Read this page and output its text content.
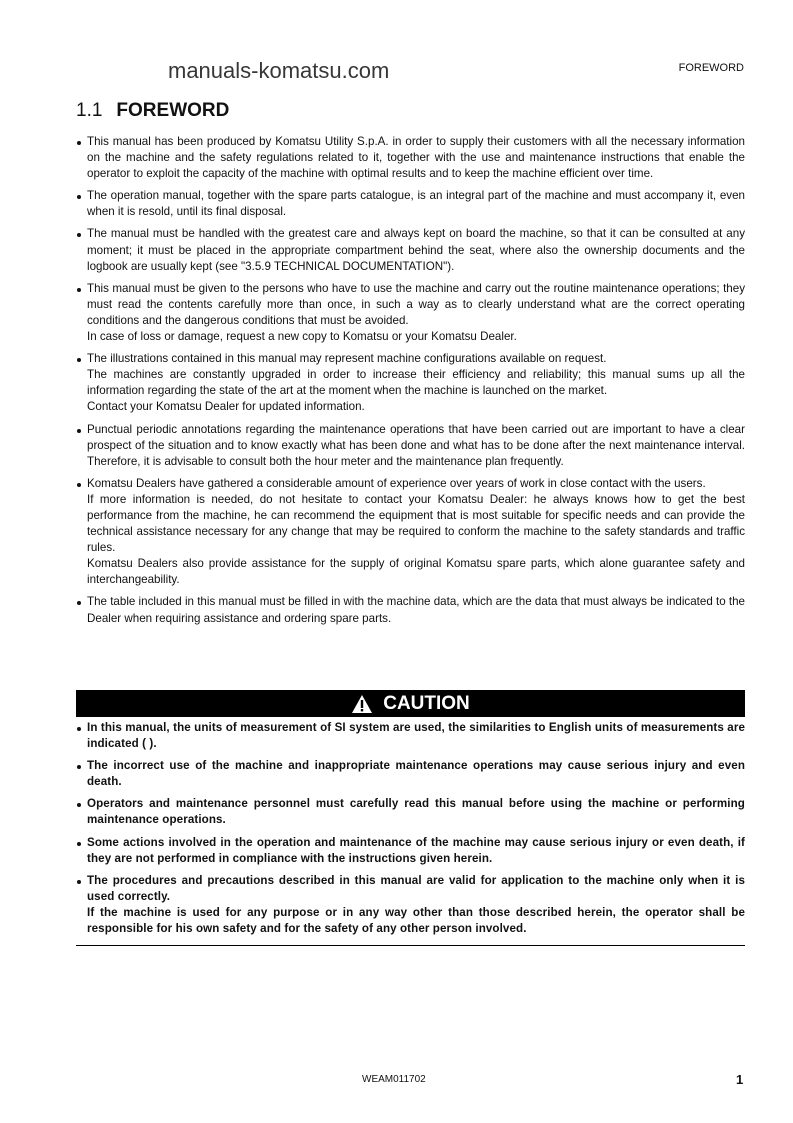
FOREWORD
manuals-komatsu.com
1.1 FOREWORD

This manual has been produced by Komatsu Utility S.p.A. in order to supply their customers with all the necessary information on the machine and the safety regulations related to it, together with the use and maintenance instructions that enable the operator to exploit the capacity of the machine with optimal results and to keep the machine efficient over time.

The operation manual, together with the spare parts catalogue, is an integral part of the machine and must accompany it, even when it is resold, until its final disposal.

The manual must be handled with the greatest care and always kept on board the machine, so that it can be consulted at any moment; it must be placed in the appropriate compartment behind the seat, where also the ownership documents and the logbook are usually kept (see "3.5.9 TECHNICAL DOCUMENTATION").

This manual must be given to the persons who have to use the machine and carry out the routine maintenance operations; they must read the contents carefully more than once, in such a way as to clearly understand what are the correct operating conditions and the dangerous conditions that must be avoided.

In case of loss or damage, request a new copy to Komatsu or your Komatsu Dealer.

The illustrations contained in this manual may represent machine configurations available on request.

The machines are constantly upgraded in order to increase their efficiency and reliability; this manual sums up all the information regarding the state of the art at the moment when the machine is launched on the market.

Contact your Komatsu Dealer for updated information.

Punctual periodic annotations regarding the maintenance operations that have been carried out are important to have a clear prospect of the situation and to know exactly what has been done and what has to be done after the next maintenance interval. Therefore, it is advisable to consult both the hour meter and the maintenance plan frequently.

Komatsu Dealers have gathered a considerable amount of experience over years of work in close contact with the users.

If more information is needed, do not hesitate to contact your Komatsu Dealer: he always knows how to get the best performance from the machine, he can recommend the equipment that is most suitable for specific needs and can provide the technical assistance necessary for any change that may be required to conform the machine to the safety standards and traffic rules.

Komatsu Dealers also provide assistance for the supply of original Komatsu spare parts, which alone guarantee safety and interchangeability.

The table included in this manual must be filled in with the machine data, which are the data that must always be indicated to the Dealer when requiring assistance and ordering spare parts.

CAUTION

In this manual, the units of measurement of SI system are used, the similarities to English units of measurements are indicated ( ).

The incorrect use of the machine and inappropriate maintenance operations may cause serious injury and even death.

Operators and maintenance personnel must carefully read this manual before using the machine or performing maintenance operations.

Some actions involved in the operation and maintenance of the machine may cause serious injury or even death, if they are not performed in compliance with the instructions given herein.

The procedures and precautions described in this manual are valid for application to the machine only when it is used correctly.

If the machine is used for any purpose or in any way other than those described herein, the operator shall be responsible for his own safety and for the safety of any other person involved.

WEAM011702	1
